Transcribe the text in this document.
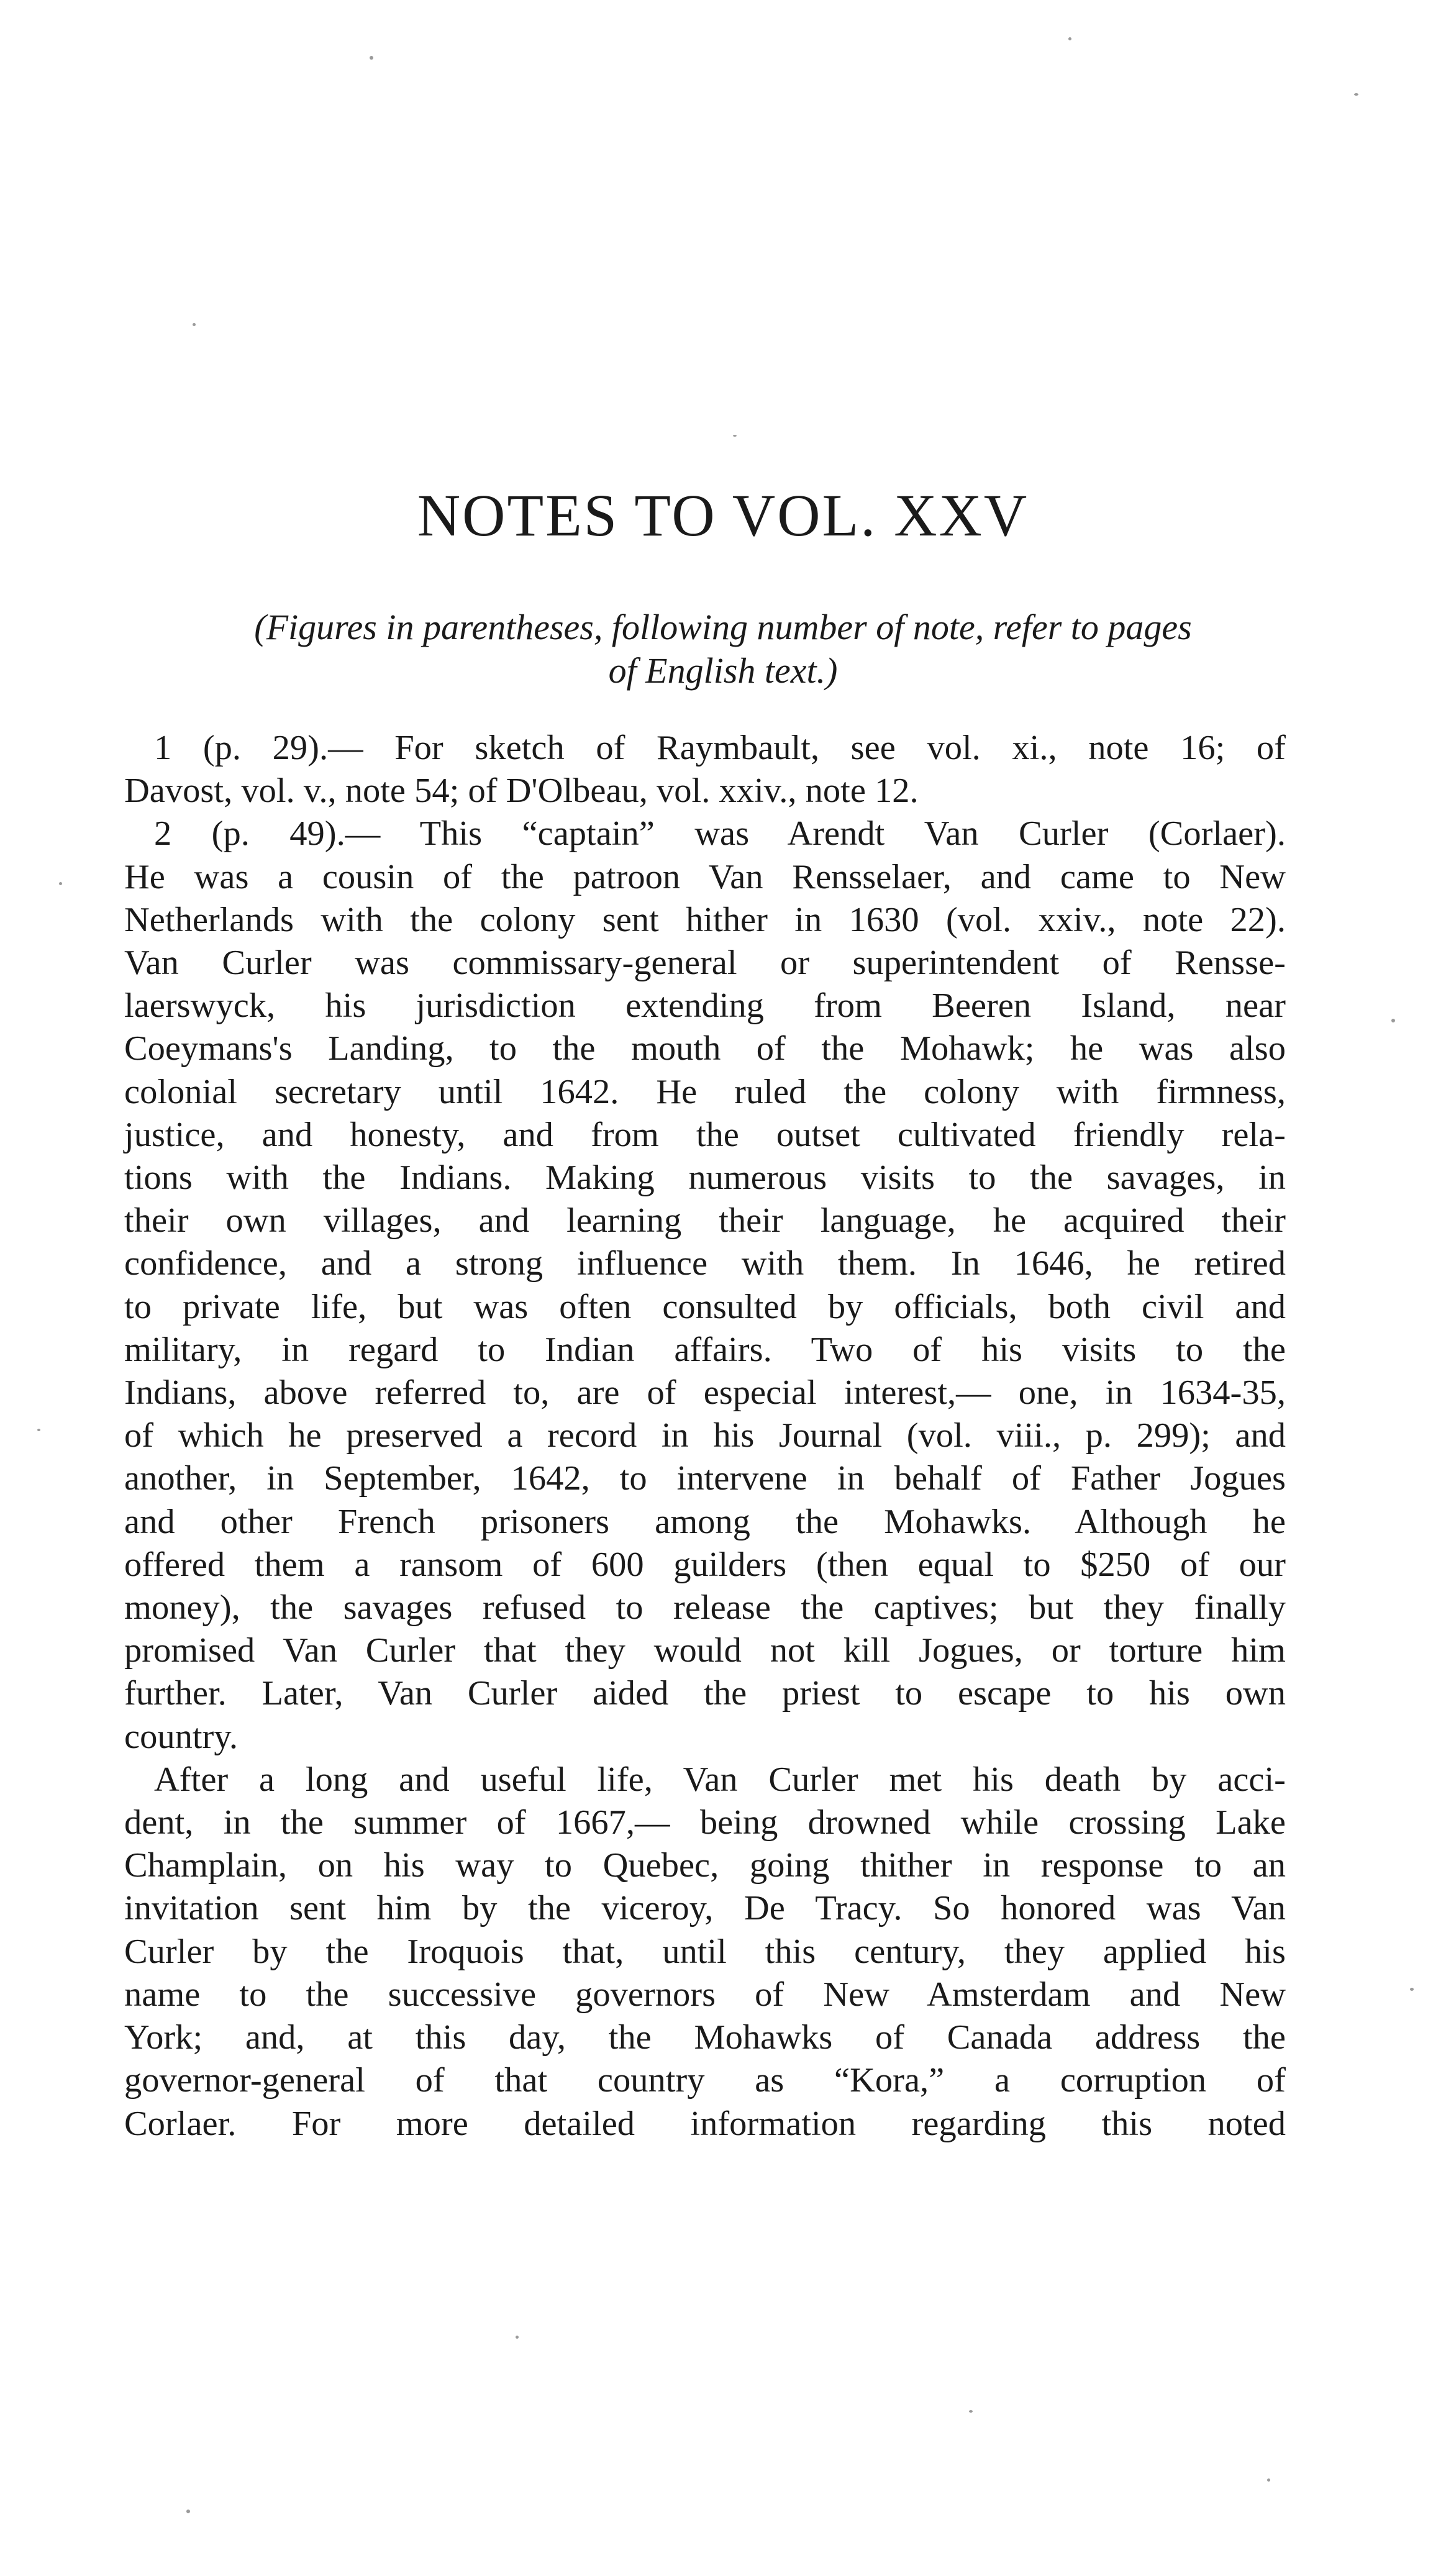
NOTES TO VOL. XXV
(Figures in parentheses, following number of note, refer to pages
of English text.)
1 (p. 29).— For sketch of Raymbault, see vol. xi., note 16; of
Davost, vol. v., note 54; of D'Olbeau, vol. xxiv., note 12.
2 (p. 49).— This “captain” was Arendt Van Curler (Corlaer).
He was a cousin of the patroon Van Rensselaer, and came to New
Netherlands with the colony sent hither in 1630 (vol. xxiv., note 22).
Van Curler was commissary-general or superintendent of Rensse-
laerswyck, his jurisdiction extending from Beeren Island, near
Coeymans's Landing, to the mouth of the Mohawk; he was also
colonial secretary until 1642. He ruled the colony with firmness,
justice, and honesty, and from the outset cultivated friendly rela-
tions with the Indians. Making numerous visits to the savages, in
their own villages, and learning their language, he acquired their
confidence, and a strong influence with them. In 1646, he retired
to private life, but was often consulted by officials, both civil and
military, in regard to Indian affairs. Two of his visits to the
Indians, above referred to, are of especial interest,— one, in 1634-35,
of which he preserved a record in his Journal (vol. viii., p. 299); and
another, in September, 1642, to intervene in behalf of Father Jogues
and other French prisoners among the Mohawks. Although he
offered them a ransom of 600 guilders (then equal to $250 of our
money), the savages refused to release the captives; but they finally
promised Van Curler that they would not kill Jogues, or torture him
further. Later, Van Curler aided the priest to escape to his own
country.
After a long and useful life, Van Curler met his death by acci-
dent, in the summer of 1667,— being drowned while crossing Lake
Champlain, on his way to Quebec, going thither in response to an
invitation sent him by the viceroy, De Tracy. So honored was Van
Curler by the Iroquois that, until this century, they applied his
name to the successive governors of New Amsterdam and New
York; and, at this day, the Mohawks of Canada address the
governor-general of that country as “Kora,” a corruption of
Corlaer. For more detailed information regarding this noted
